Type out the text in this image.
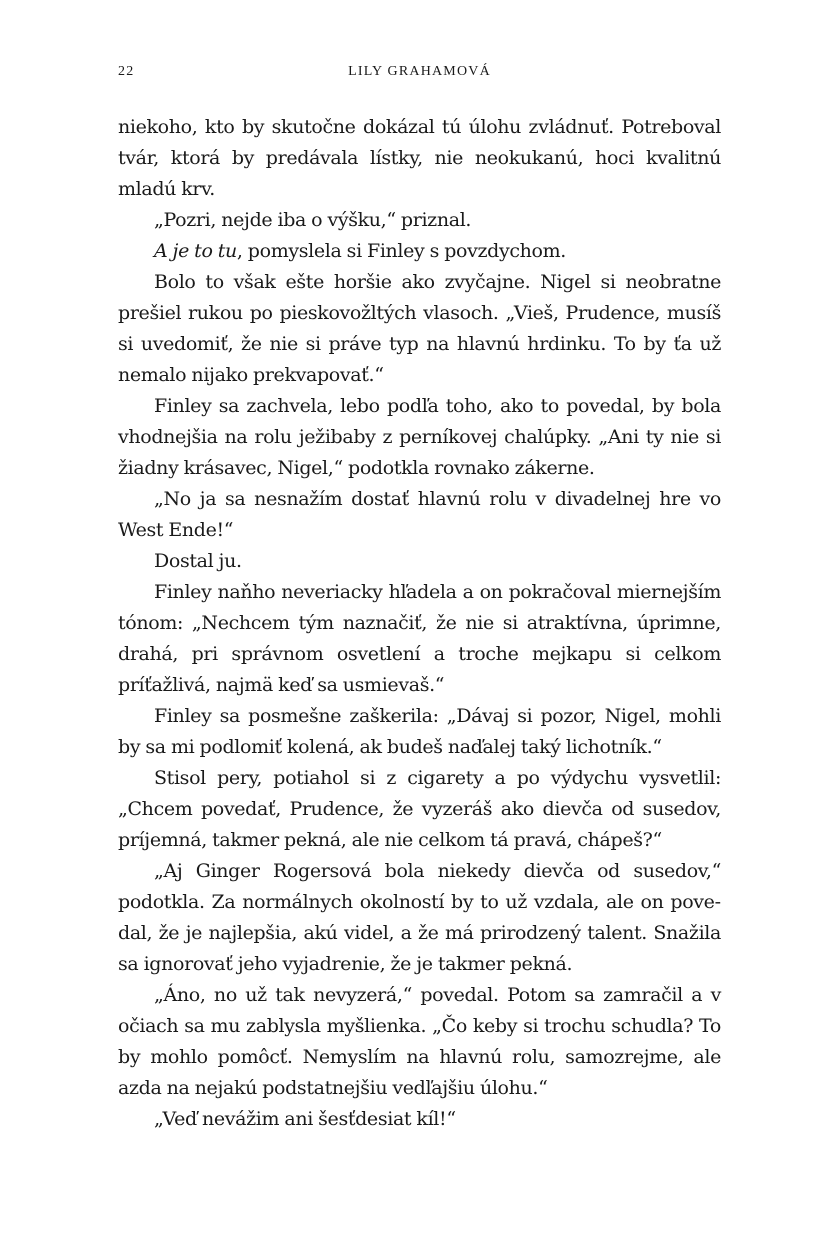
22	LILY GRAHAMOVÁ

niekoho, kto by skutočne dokázal tú úlohu zvládnuť. Potreboval tvár, ktorá by predávala lístky, nie neokukanú, hoci kvalitnú mladú krv.

„Pozri, nejde iba o výšku,“ priznal.

A je to tu, pomyslela si Finley s povzdychom.

Bolo to však ešte horšie ako zvyčajne. Nigel si neobratne prešiel rukou po pieskovožltých vlasoch. „Vieš, Prudence, musíš si uvedomiť, že nie si práve typ na hlavnú hrdinku. To by ťa už nemalo nijako prekvapovať.“

Finley sa zachvela, lebo podľa toho, ako to povedal, by bola vhodnejšia na rolu ježibaby z perníkovej chalúpky. „Ani ty nie si žiadny krásavec, Nigel,“ podotkla rovnako zákerne.

„No ja sa nesnažím dostať hlavnú rolu v divadelnej hre vo West Ende!“

Dostal ju.

Finley naňho neveriacky hľadela a on pokračoval miernejším tónom: „Nechcem tým naznačiť, že nie si atraktívna, úprimne, drahá, pri správnom osvetlení a troche mejkapu si celkom príťažlivá, najmä keď sa usmievaš.“

Finley sa posmešne zaškerila: „Dávaj si pozor, Nigel, mohli by sa mi podlomiť kolená, ak budeš naďalej taký lichotník.“

Stisol pery, potiahol si z cigarety a po výdychu vysvetlil: „Chcem povedať, Prudence, že vyzeráš ako dievča od susedov, príjemná, takmer pekná, ale nie celkom tá pravá, chápeš?“

„Aj Ginger Rogersová bola niekedy dievča od susedov,“ podotkla. Za normálnych okolností by to už vzdala, ale on povedal, že je najlepšia, akú videl, a že má prirodzený talent. Snažila sa ignorovať jeho vyjadrenie, že je takmer pekná.

„Áno, no už tak nevyzerá,“ povedal. Potom sa zamračil a v očiach sa mu zablysla myšlienka. „Čo keby si trochu schudla? To by mohlo pomôcť. Nemyslím na hlavnú rolu, samozrejme, ale azda na nejakú podstatnejšiu vedľajšiu úlohu.“

„Veď nevážim ani šesťdesiat kíl!“
